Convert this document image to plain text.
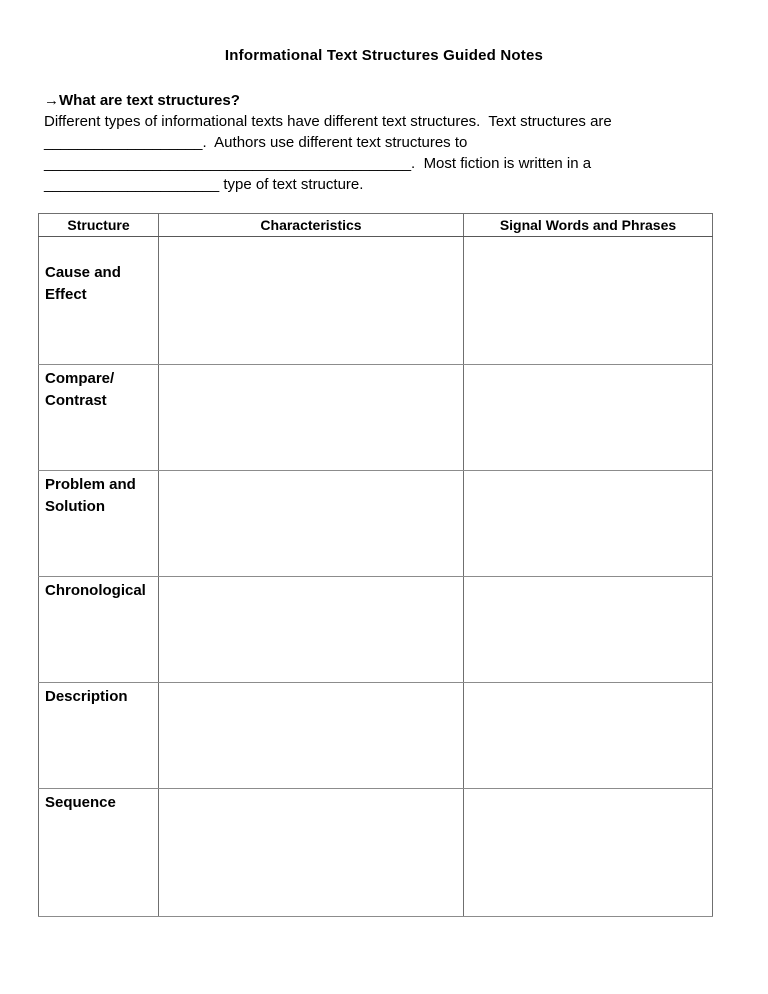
Informational Text Structures Guided Notes
→What are text structures?
Different types of informational texts have different text structures.  Text structures are
___________________.  Authors use different text structures to
____________________________________________.  Most fiction is written in a
_____________________ type of text structure.
Structure	Characteristics	Signal Words and Phrases

Cause and
Effect		

Compare/
Contrast		

Problem and
Solution		

Chronological		

Description		

Sequence		
